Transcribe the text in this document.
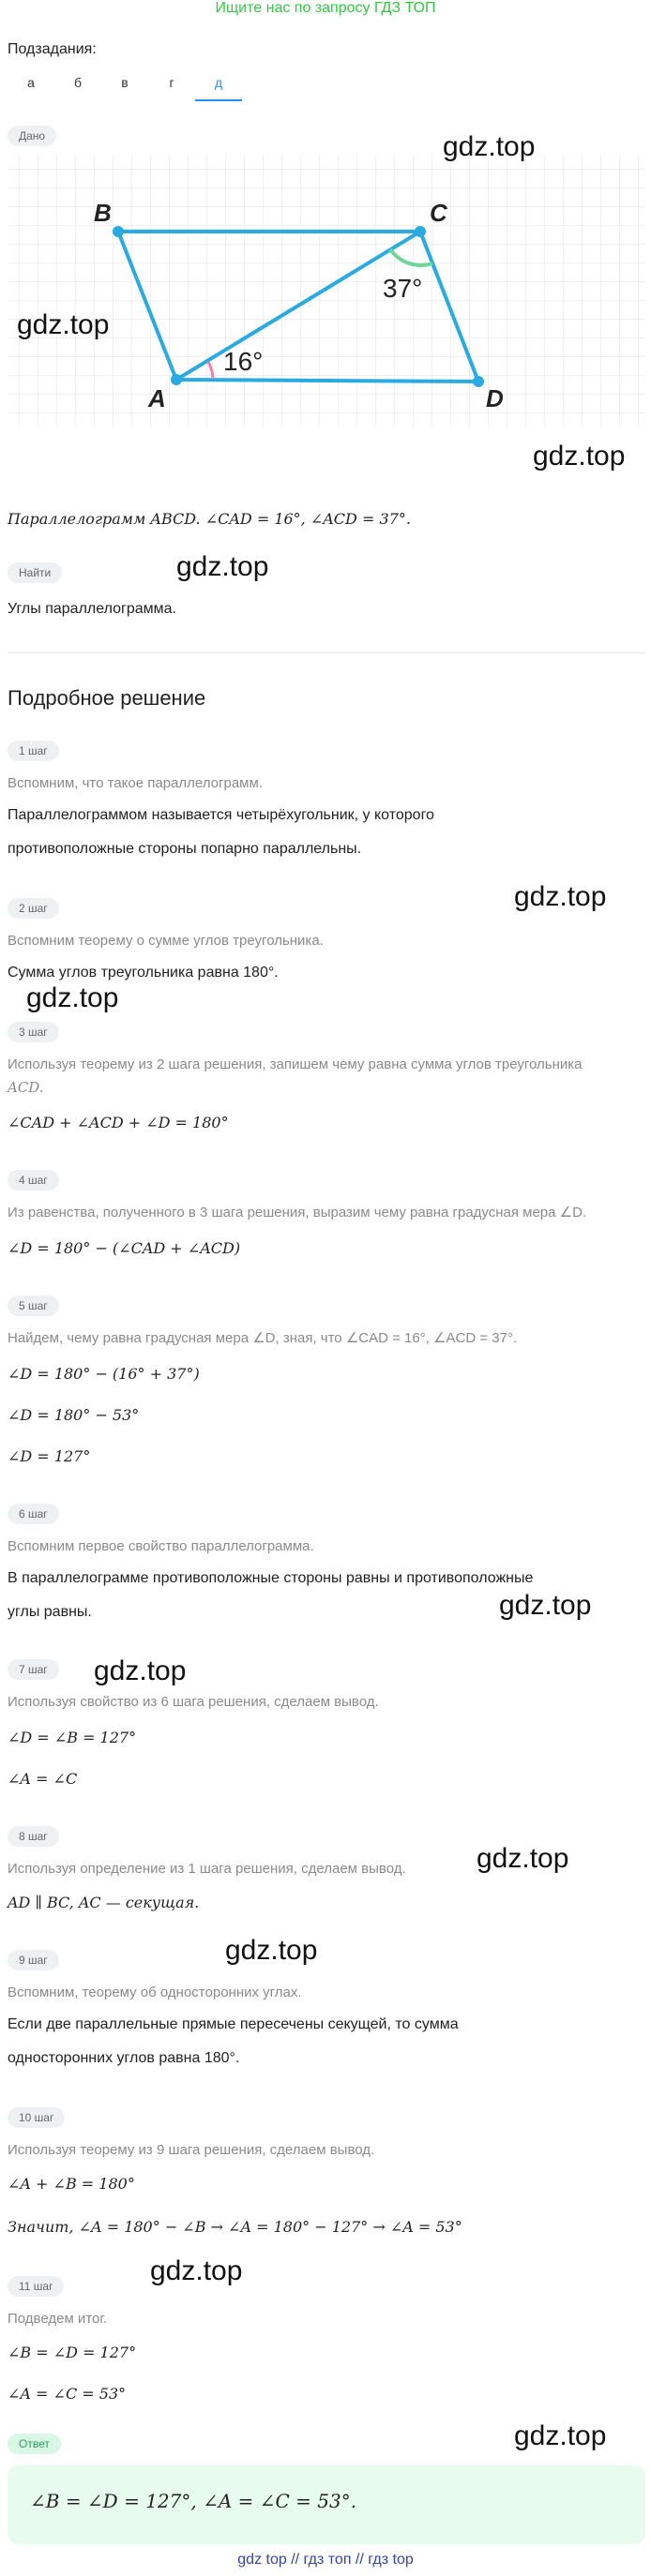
Ищите нас по запросу ГДЗ ТОП
Подзадания:
а	б	в	г	д
Дано	gdz.top
B	C
37°
gdz.top
16°
A	D
gdz.top
Параллелограмм ABCD. ∠CAD = 16°, ∠ACD = 37°.
Найти	gdz.top
Углы параллелограмма.
Подробное решение
1 шаг
Вспомним, что такое параллелограмм.
Параллелограммом называется четырёхугольник, у которого
противоположные стороны попарно параллельны.
gdz.top
2 шаг
Вспомним теорему о сумме углов треугольника.
Сумма углов треугольника равна 180°.
gdz.top
3 шаг
Используя теорему из 2 шага решения, запишем чему равна сумма углов треугольника
ACD.
∠CAD + ∠ACD + ∠D = 180°
4 шаг
Из равенства, полученного в 3 шага решения, выразим чему равна градусная мера ∠D.
∠D = 180° − (∠CAD + ∠ACD)
5 шаг
Найдем, чему равна градусная мера ∠D, зная, что ∠CAD = 16°, ∠ACD = 37°.
∠D = 180° − (16° + 37°)
∠D = 180° − 53°
∠D = 127°
6 шаг
Вспомним первое свойство параллелограмма.
В параллелограмме противоположные стороны равны и противоположные
углы равны.	gdz.top
gdz.top
7 шаг
Используя свойство из 6 шага решения, сделаем вывод.
∠D = ∠B = 127°
∠A = ∠C
8 шаг
gdz.top
Используя определение из 1 шага решения, сделаем вывод.
AD ∥ BC, AC — секущая.
gdz.top
9 шаг
Вспомним, теорему об односторонних углах.
Если две параллельные прямые пересечены секущей, то сумма
односторонних углов равна 180°.
10 шаг
Используя теорему из 9 шага решения, сделаем вывод.
∠A + ∠B = 180°
Значит, ∠A = 180° − ∠B → ∠A = 180° − 127° → ∠A = 53°
gdz.top
11 шаг
Подведем итог.
∠B = ∠D = 127°
∠A = ∠C = 53°
gdz.top
Ответ
∠B = ∠D = 127°, ∠A = ∠C = 53°.
gdz top // гдз топ // гдз top
